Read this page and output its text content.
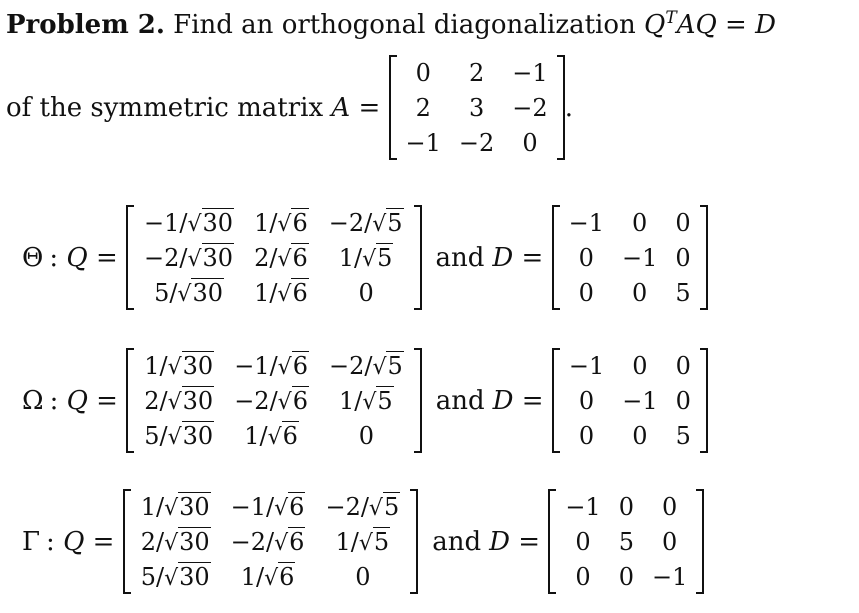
Problem 2. Find an orthogonal diagonalization $Q^TAQ = D$
of the symmetric matrix
A =

0	2	−1
2	3	−2
−1	−2	0
.
Θ : Q =
−1/√30	1/√6	−2/√5
−2/√30	2/√6	1/√5
5/√30	1/√6	0
and D =
−1	0	0
0	−1	0
0	0	5
Ω : Q =
1/√30	−1/√6	−2/√5
2/√30	−2/√6	1/√5
5/√30	1/√6	0
and D =
−1	0	0
0	−1	0
0	0	5
Γ : Q =
1/√30	−1/√6	−2/√5
2/√30	−2/√6	1/√5
5/√30	1/√6	0
and D =
−1	0	0
0	5	0
0	0	−1
